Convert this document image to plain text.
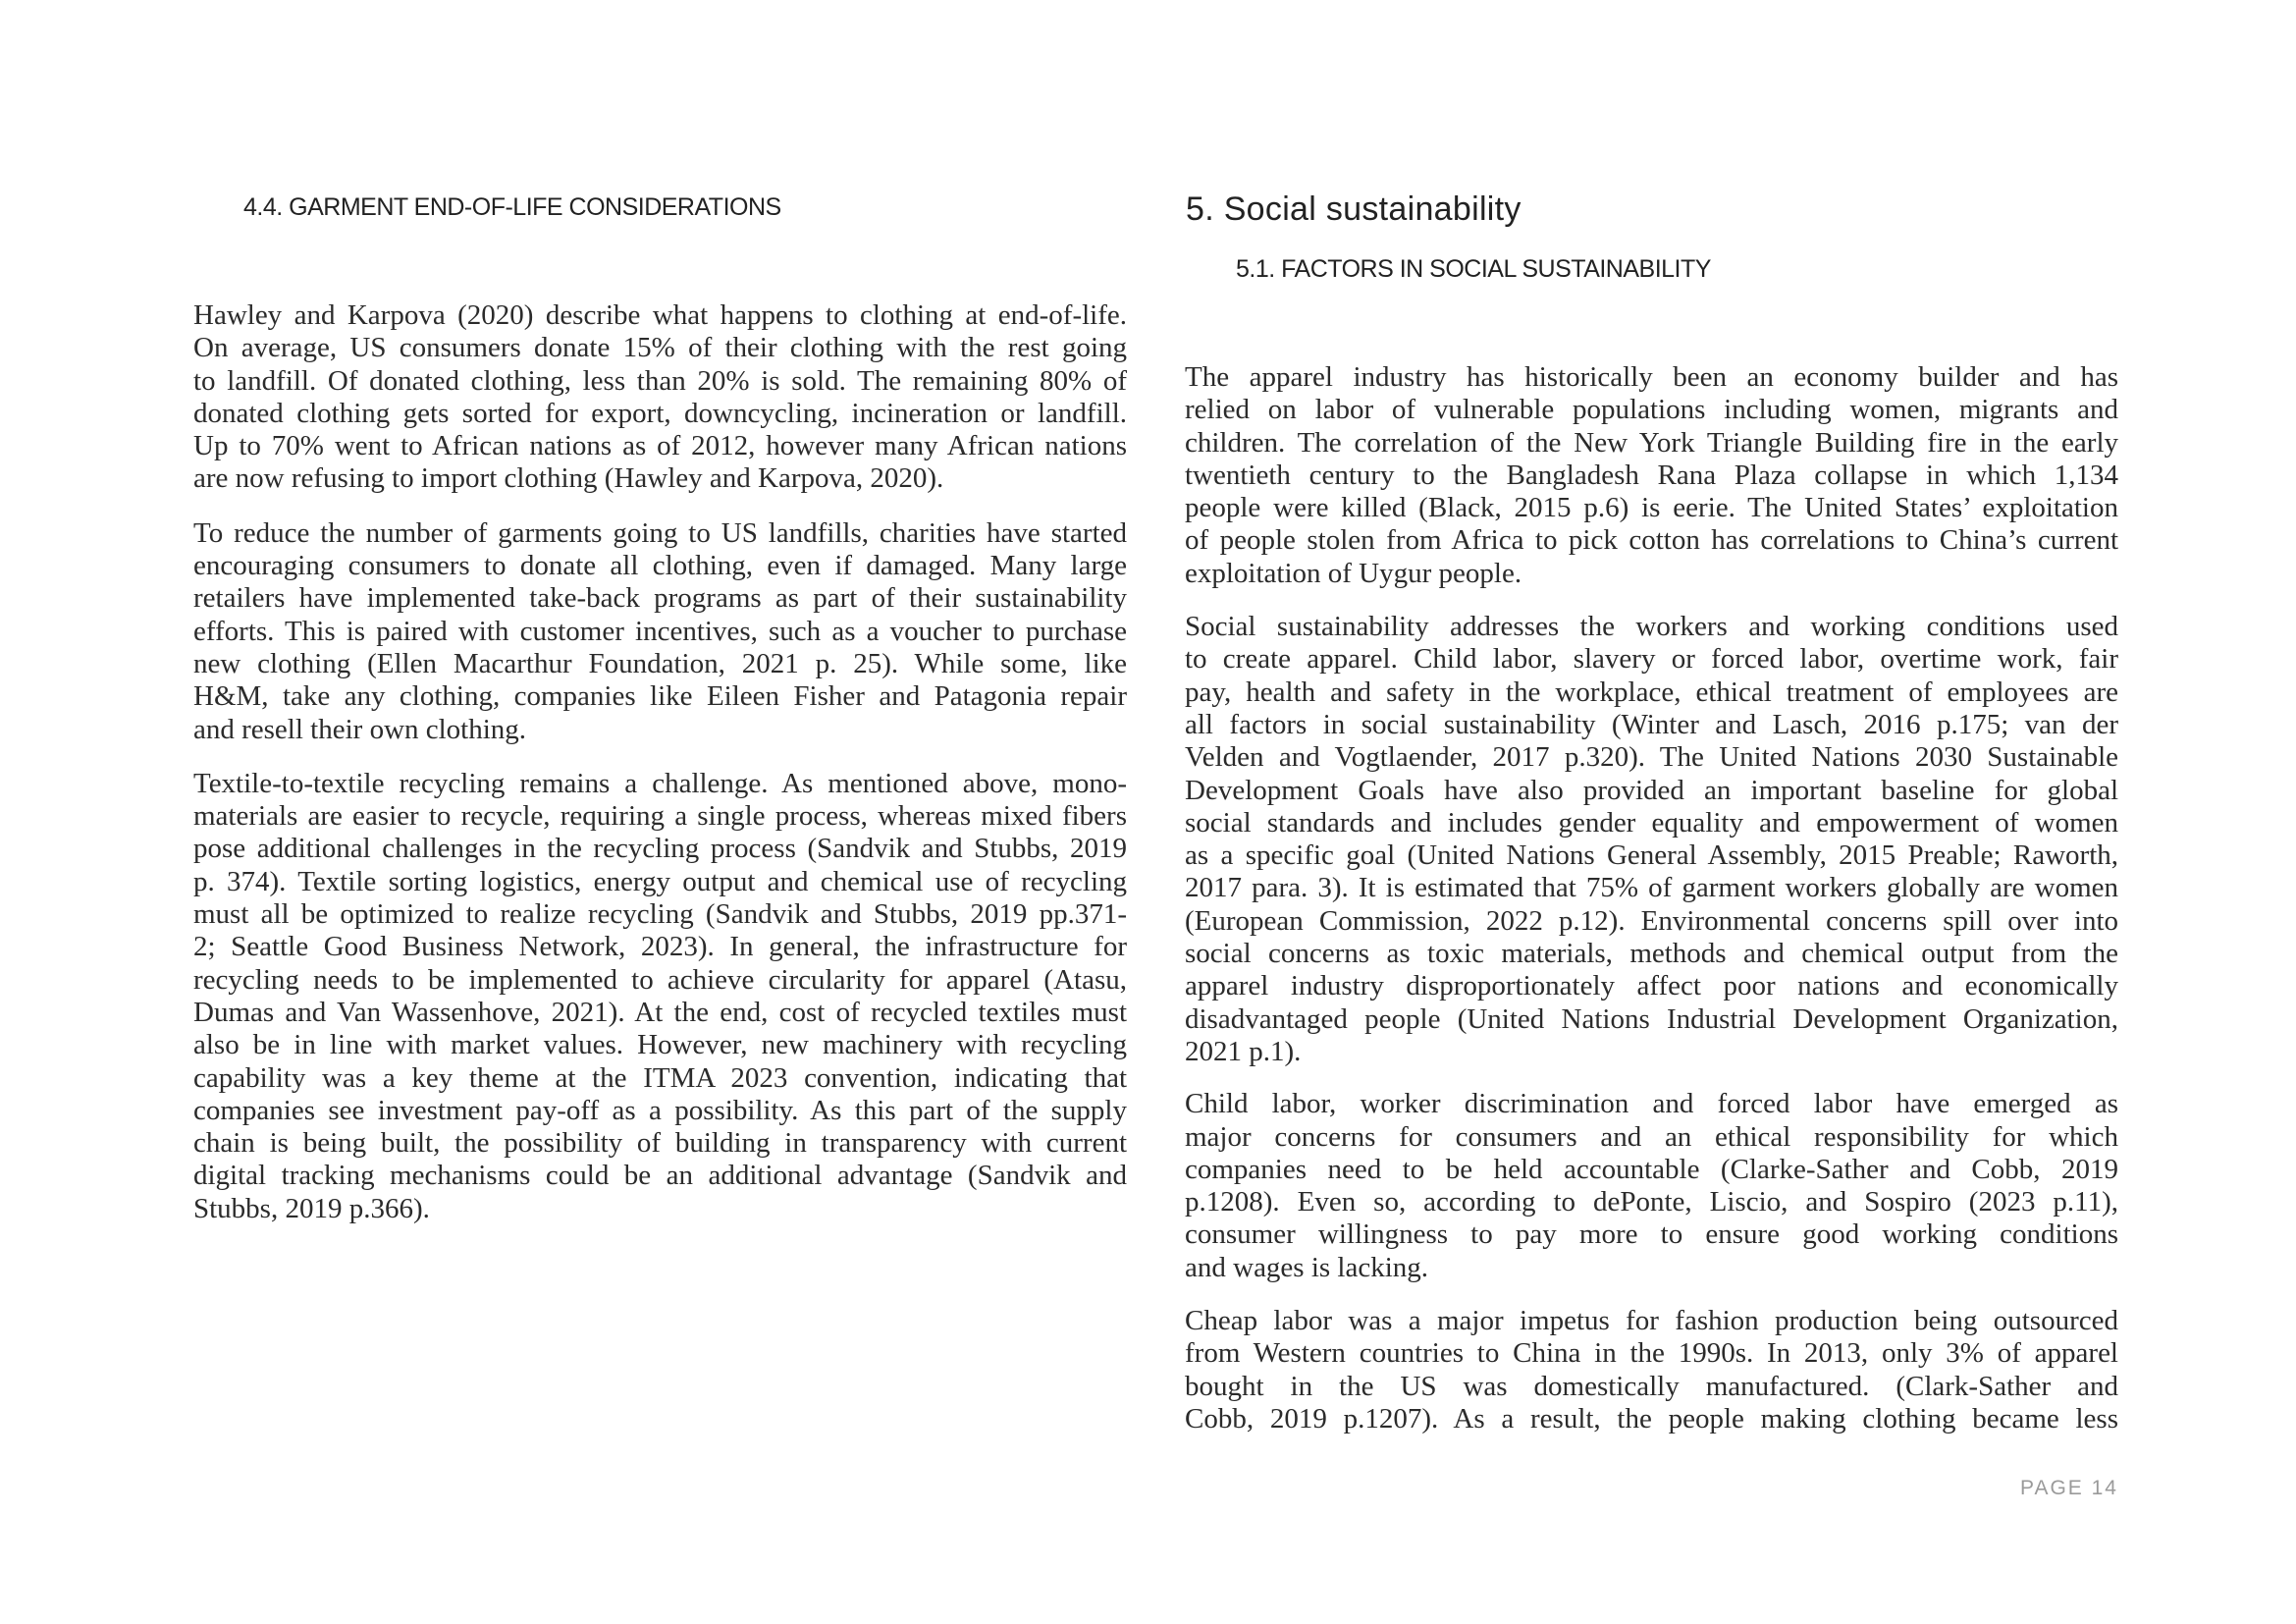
4.4. GARMENT END-OF-LIFE CONSIDERATIONS
Hawley and Karpova (2020) describe what happens to clothing at end-of-life.
On average, US consumers donate 15% of their clothing with the rest going
to landfill. Of donated clothing, less than 20% is sold. The remaining 80% of
donated clothing gets sorted for export, downcycling, incineration or landfill.
Up to 70% went to African nations as of 2012, however many African nations
are now refusing to import clothing (Hawley and Karpova, 2020).
To reduce the number of garments going to US landfills, charities have started
encouraging consumers to donate all clothing, even if damaged. Many large
retailers have implemented take-back programs as part of their sustainability
efforts. This is paired with customer incentives, such as a voucher to purchase
new clothing (Ellen Macarthur Foundation, 2021 p. 25). While some, like
H&M, take any clothing, companies like Eileen Fisher and Patagonia repair
and resell their own clothing.
Textile-to-textile recycling remains a challenge. As mentioned above, mono-
materials are easier to recycle, requiring a single process, whereas mixed fibers
pose additional challenges in the recycling process (Sandvik and Stubbs, 2019
p. 374). Textile sorting logistics, energy output and chemical use of recycling
must all be optimized to realize recycling (Sandvik and Stubbs, 2019 pp.371-
2; Seattle Good Business Network, 2023). In general, the infrastructure for
recycling needs to be implemented to achieve circularity for apparel (Atasu,
Dumas and Van Wassenhove, 2021). At the end, cost of recycled textiles must
also be in line with market values. However, new machinery with recycling
capability was a key theme at the ITMA 2023 convention, indicating that
companies see investment pay-off as a possibility. As this part of the supply
chain is being built, the possibility of building in transparency with current
digital tracking mechanisms could be an additional advantage (Sandvik and
Stubbs, 2019 p.366).
5. Social sustainability
5.1. FACTORS IN SOCIAL SUSTAINABILITY
The apparel industry has historically been an economy builder and has
relied on labor of vulnerable populations including women, migrants and
children. The correlation of the New York Triangle Building fire in the early
twentieth century to the Bangladesh Rana Plaza collapse in which 1,134
people were killed (Black, 2015 p.6) is eerie. The United States’ exploitation
of people stolen from Africa to pick cotton has correlations to China’s current
exploitation of Uygur people.
Social sustainability addresses the workers and working conditions used
to create apparel. Child labor, slavery or forced labor, overtime work, fair
pay, health and safety in the workplace, ethical treatment of employees are
all factors in social sustainability (Winter and Lasch, 2016 p.175; van der
Velden and Vogtlaender, 2017 p.320). The United Nations 2030 Sustainable
Development Goals have also provided an important baseline for global
social standards and includes gender equality and empowerment of women
as a specific goal (United Nations General Assembly, 2015 Preable; Raworth,
2017 para. 3). It is estimated that 75% of garment workers globally are women
(European Commission, 2022 p.12). Environmental concerns spill over into
social concerns as toxic materials, methods and chemical output from the
apparel industry disproportionately affect poor nations and economically
disadvantaged people (United Nations Industrial Development Organization,
2021 p.1).
Child labor, worker discrimination and forced labor have emerged as
major concerns for consumers and an ethical responsibility for which
companies need to be held accountable (Clarke-Sather and Cobb, 2019
p.1208). Even so, according to dePonte, Liscio, and Sospiro (2023 p.11),
consumer willingness to pay more to ensure good working conditions
and wages is lacking.
Cheap labor was a major impetus for fashion production being outsourced
from Western countries to China in the 1990s. In 2013, only 3% of apparel
bought in the US was domestically manufactured. (Clark-Sather and
Cobb, 2019 p.1207). As a result, the people making clothing became less
PAGE 14
